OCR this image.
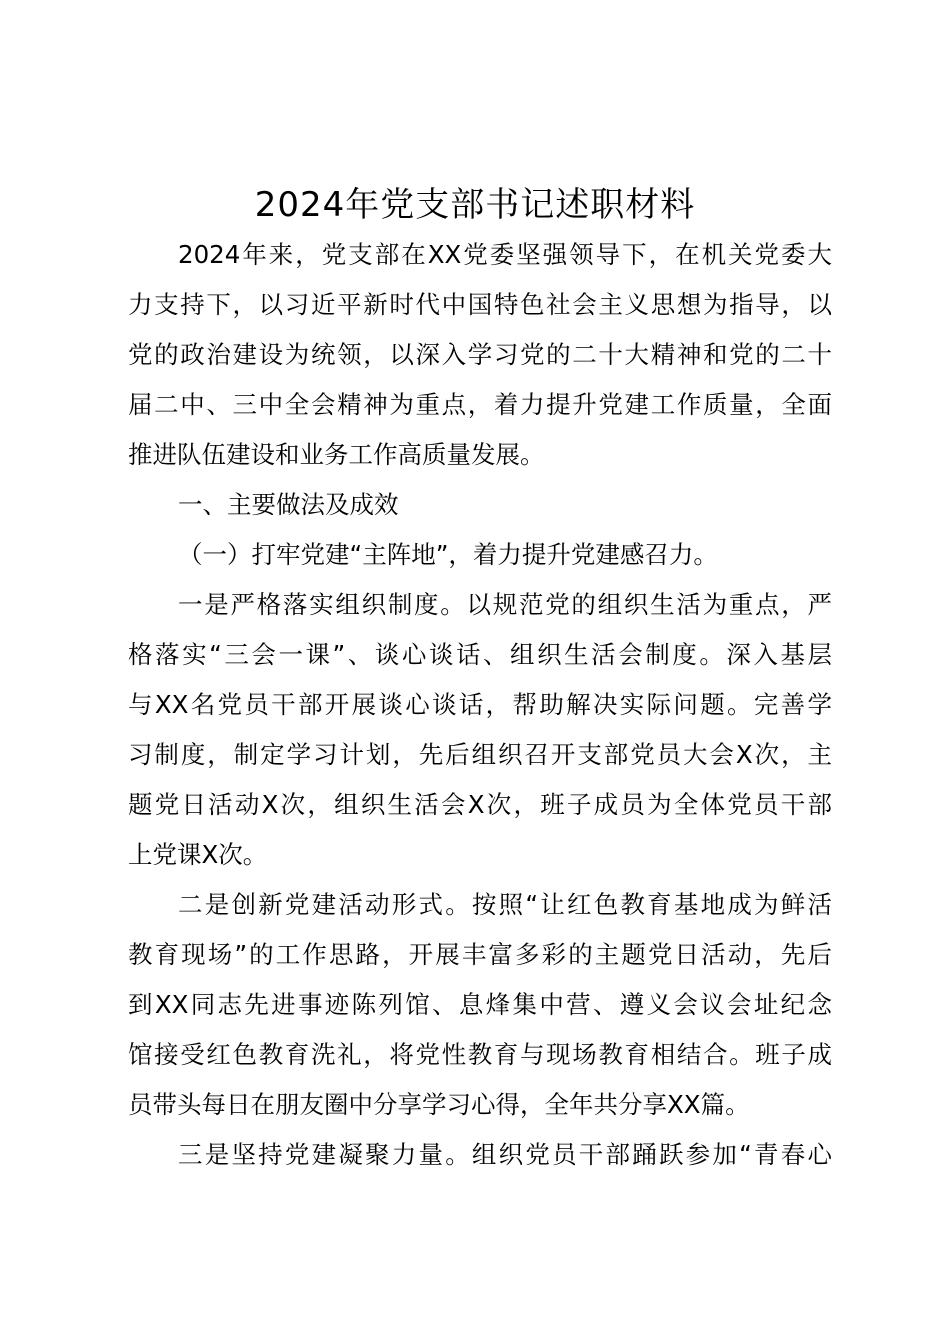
2024年党支部书记述职材料
2024年来，党支部在XX党委坚强领导下，在机关党委大
力支持下，以习近平新时代中国特色社会主义思想为指导，以
党的政治建设为统领，以深入学习党的二十大精神和党的二十
届二中、三中全会精神为重点，着力提升党建工作质量，全面
推进队伍建设和业务工作高质量发展。
一、主要做法及成效
（一）打牢党建“主阵地”，着力提升党建感召力。
一是严格落实组织制度。以规范党的组织生活为重点，严
格落实“三会一课”、谈心谈话、组织生活会制度。深入基层
与XX名党员干部开展谈心谈话，帮助解决实际问题。完善学
习制度，制定学习计划，先后组织召开支部党员大会X次，主
题党日活动X次，组织生活会X次，班子成员为全体党员干部
上党课X次。
二是创新党建活动形式。按照“让红色教育基地成为鲜活
教育现场”的工作思路，开展丰富多彩的主题党日活动，先后
到XX同志先进事迹陈列馆、息烽集中营、遵义会议会址纪念
馆接受红色教育洗礼，将党性教育与现场教育相结合。班子成
员带头每日在朋友圈中分享学习心得，全年共分享XX篇。
三是坚持党建凝聚力量。组织党员干部踊跃参加“青春心
